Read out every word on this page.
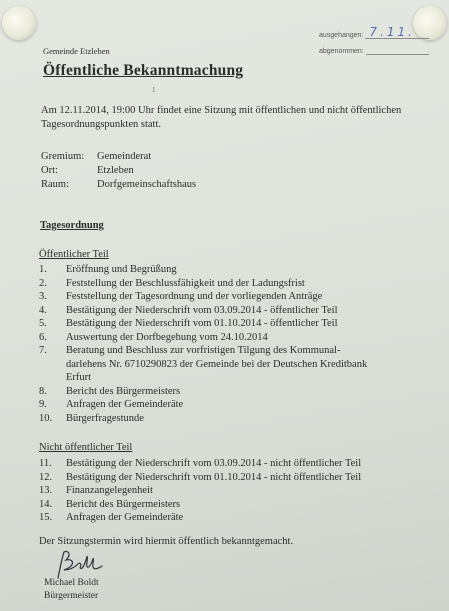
ausgehangen: 7.11.
abgenommen:
Gemeinde Etzleben
Öffentliche Bekanntmachung
1
Am 12.11.2014, 19:00 Uhr findet eine Sitzung mit öffentlichen und nicht öffentlichen Tagesordnungspunkten statt.
Gremium:	Gemeinderat
Ort:	Etzleben
Raum:	Dorfgemeinschaftshaus
Tagesordnung
Öffentlicher Teil
1.	Eröffnung und Begrüßung
2.	Feststellung der Beschlussfähigkeit und der Ladungsfrist
3.	Feststellung der Tagesordnung und der vorliegenden Anträge
4.	Bestätigung der Niederschrift vom 03.09.2014 - öffentlicher Teil
5.	Bestätigung der Niederschrift vom 01.10.2014 - öffentlicher Teil
6.	Auswertung der Dorfbegehung vom 24.10.2014
7.	Beratung und Beschluss zur vorfristigen Tilgung des Kommunal-
darlehens Nr. 6710290823 der Gemeinde bei der Deutschen Kreditbank
Erfurt
8.	Bericht des Bürgermeisters
9.	Anfragen der Gemeinderäte
10.	Bürgerfragestunde
Nicht öffentlicher Teil
11.	Bestätigung der Niederschrift vom 03.09.2014 - nicht öffentlicher Teil
12.	Bestätigung der Niederschrift vom 01.10.2014 - nicht öffentlicher Teil
13.	Finanzangelegenheit
14.	Bericht des Bürgermeisters
15.	Anfragen der Gemeinderäte
Der Sitzungstermin wird hiermit öffentlich bekanntgemacht.
Michael Boldt
Bürgermeister
